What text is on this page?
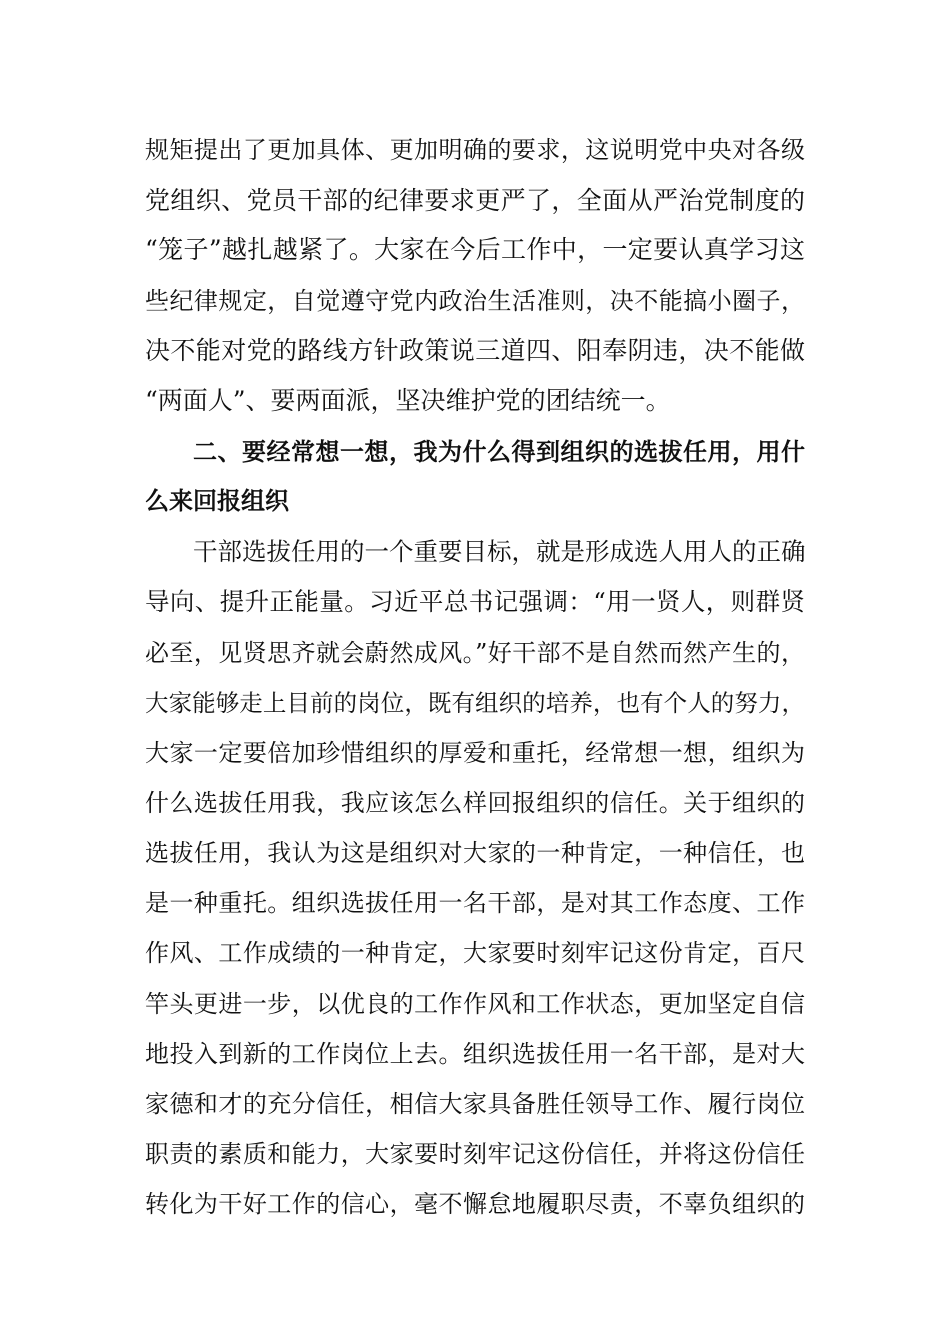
规矩提出了更加具体、更加明确的要求，这说明党中央对各级
党组织、党员干部的纪律要求更严了，全面从严治党制度的
“笼子”越扎越紧了。大家在今后工作中，一定要认真学习这
些纪律规定，自觉遵守党内政治生活准则，决不能搞小圈子，
决不能对党的路线方针政策说三道四、阳奉阴违，决不能做
“两面人”、要两面派，坚决维护党的团结统一。
二、要经常想一想，我为什么得到组织的选拔任用，用什
么来回报组织
干部选拔任用的一个重要目标，就是形成选人用人的正确
导向、提升正能量。习近平总书记强调：“用一贤人，则群贤
必至，见贤思齐就会蔚然成风。”好干部不是自然而然产生的，
大家能够走上目前的岗位，既有组织的培养，也有个人的努力，
大家一定要倍加珍惜组织的厚爱和重托，经常想一想，组织为
什么选拔任用我，我应该怎么样回报组织的信任。关于组织的
选拔任用，我认为这是组织对大家的一种肯定，一种信任，也
是一种重托。组织选拔任用一名干部，是对其工作态度、工作
作风、工作成绩的一种肯定，大家要时刻牢记这份肯定，百尺
竿头更进一步，以优良的工作作风和工作状态，更加坚定自信
地投入到新的工作岗位上去。组织选拔任用一名干部，是对大
家德和才的充分信任，相信大家具备胜任领导工作、履行岗位
职责的素质和能力，大家要时刻牢记这份信任，并将这份信任
转化为干好工作的信心，毫不懈怠地履职尽责，不辜负组织的
